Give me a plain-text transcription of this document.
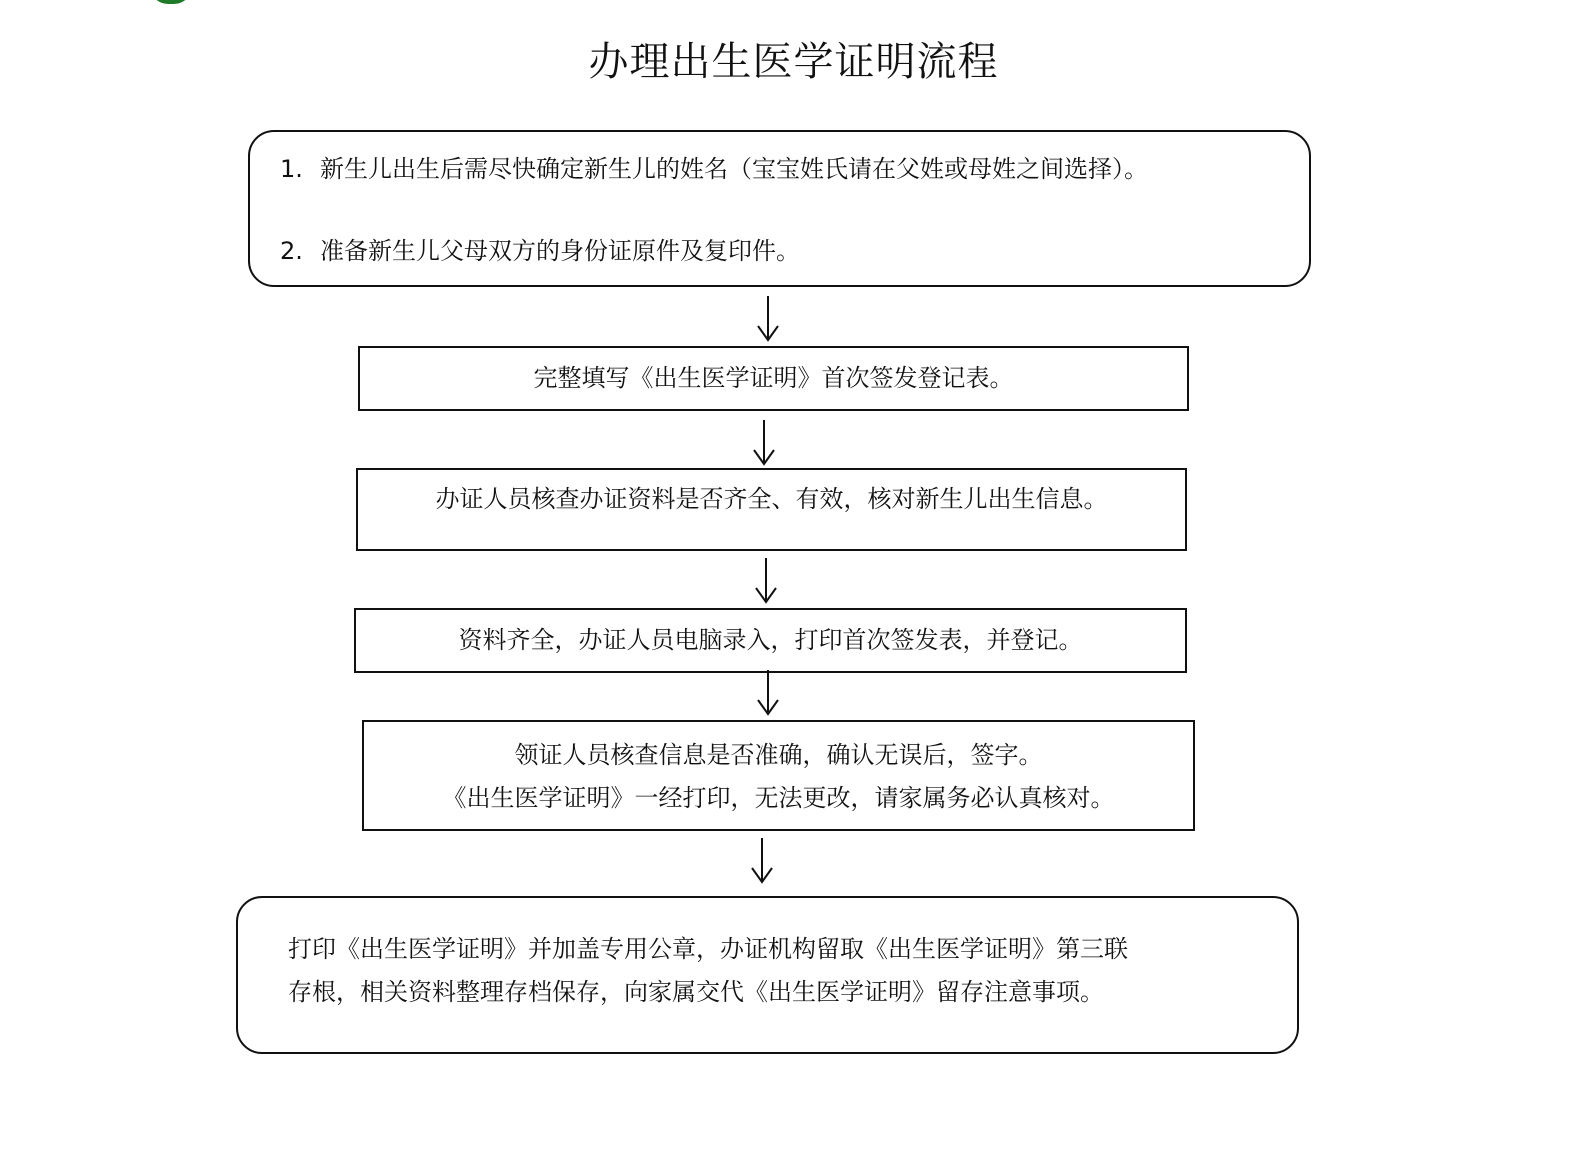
办理出生医学证明流程
1. 新生儿出生后需尽快确定新生儿的姓名（宝宝姓氏请在父姓或母姓之间选择）。
2. 准备新生儿父母双方的身份证原件及复印件。
完整填写《出生医学证明》首次签发登记表。
办证人员核查办证资料是否齐全、有效，核对新生儿出生信息。
资料齐全，办证人员电脑录入，打印首次签发表，并登记。
领证人员核查信息是否准确，确认无误后，签字。
《出生医学证明》一经打印，无法更改，请家属务必认真核对。
打印《出生医学证明》并加盖专用公章，办证机构留取《出生医学证明》第三联
存根，相关资料整理存档保存，向家属交代《出生医学证明》留存注意事项。
